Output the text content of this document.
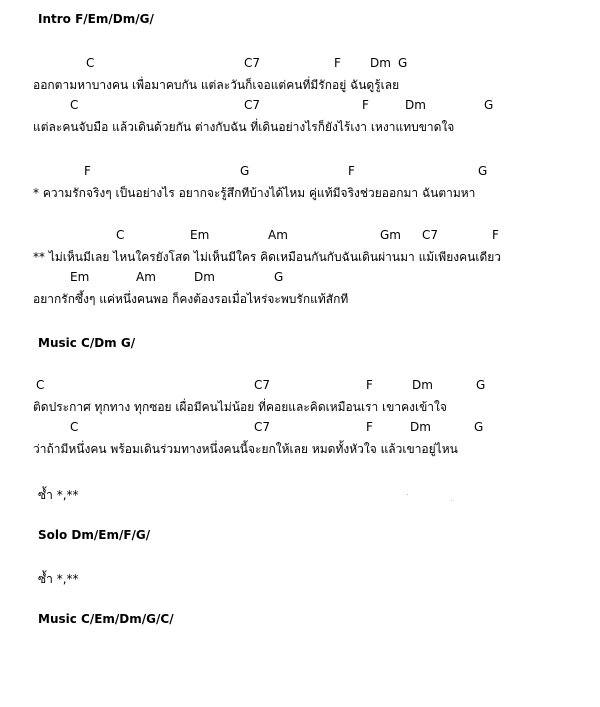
Intro F/Em/Dm/G/
C	C7	F Dm G
ออกตามหาบางคน เพื่อมาคบกัน แต่ละวันก็เจอแต่คนที่มีรักอยู่ ฉันดูรู้เลย
C	C7	F	Dm	G
แต่ละคนจับมือ แล้วเดินด้วยกัน ต่างกับฉัน ที่เดินอย่างไรก็ยังไร้เงา เหงาแทบขาดใจ
F	G	F	G
* ความรักจริงๆ เป็นอย่างไร อยากจะรู้สึกทีบ้างได้ไหม คู่แท้มีจริงช่วยออกมา ฉันตามหา
C	Em	Am	Gm C7	F
** ไม่เห็นมีเลย ไหนใครยังโสด ไม่เห็นมีใคร คิดเหมือนกันกับฉันเดินผ่านมา แม้เพียงคนเดียว
Em	Am	Dm	G
อยากรักซึ้งๆ แค่หนึ่งคนพอ ก็คงต้องรอเมื่อไหร่จะพบรักแท้สักที
Music C/Dm G/
C	C7	F	Dm	G
ติดประกาศ ทุกทาง ทุกซอย เผื่อมีคนไม่น้อย ที่คอยและคิดเหมือนเรา เขาคงเข้าใจ
C	C7	F	Dm	G
ว่าถ้ามีหนึ่งคน พร้อมเดินร่วมทางหนึ่งคนนี้จะยกให้เลย หมดทั้งหัวใจ แล้วเขาอยู่ไหน
ซ้ำ *,**
Solo Dm/Em/F/G/
ซ้ำ *,**
Music C/Em/Dm/G/C/
